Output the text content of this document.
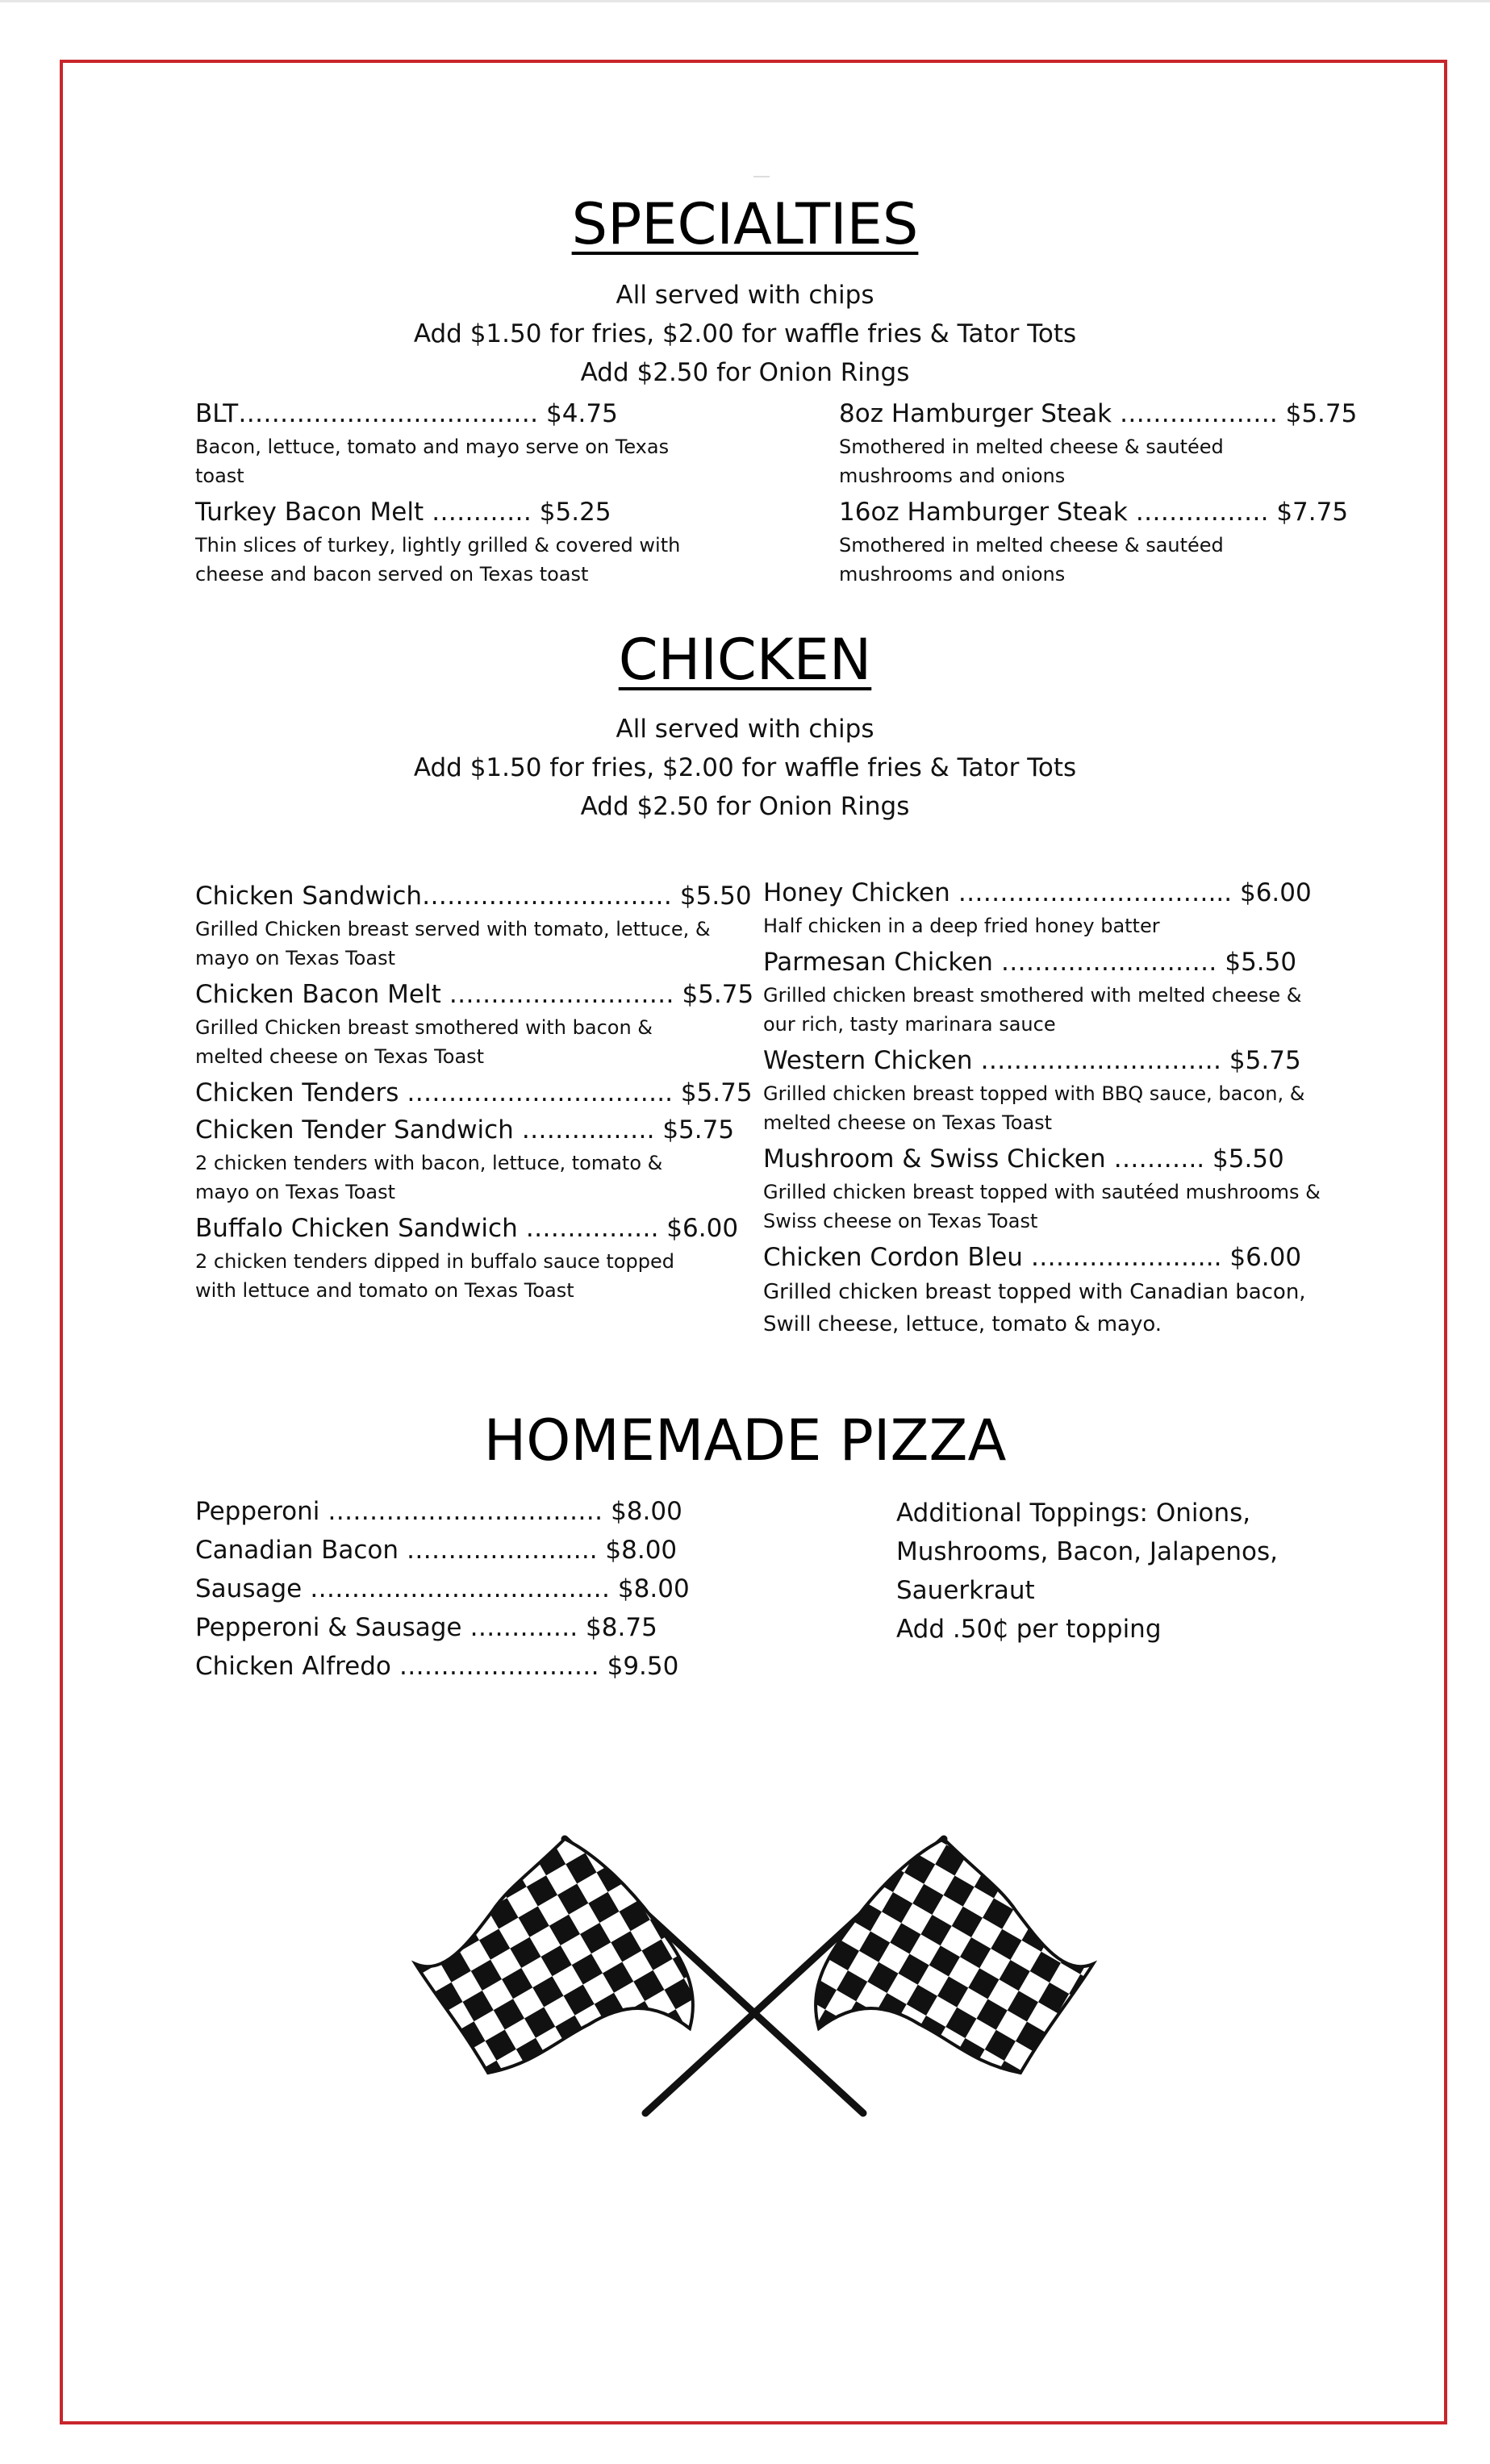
SPECIALTIES
All served with chips
Add $1.50 for fries, $2.00 for waffle fries & Tator Tots
Add $2.50 for Onion Rings
BLT……………………………… $4.75
Bacon, lettuce, tomato and mayo serve on Texas toast
Turkey Bacon Melt ………… $5.25
Thin slices of turkey, lightly grilled & covered with cheese and bacon served on Texas toast
8oz Hamburger Steak ………………. $5.75
Smothered in melted cheese & sautéed mushrooms and onions
16oz Hamburger Steak ……………. $7.75
Smothered in melted cheese & sautéed mushrooms and onions
CHICKEN
All served with chips
Add $1.50 for fries, $2.00 for waffle fries & Tator Tots
Add $2.50 for Onion Rings
Chicken Sandwich………………………… $5.50
Grilled Chicken breast served with tomato, lettuce, & mayo on Texas Toast
Chicken Bacon Melt ……………………… $5.75
Grilled Chicken breast smothered with bacon & melted cheese on Texas Toast
Chicken Tenders ………………………….. $5.75
Chicken Tender Sandwich ……………. $5.75
2 chicken tenders with bacon, lettuce, tomato & mayo on Texas Toast
Buffalo Chicken Sandwich ……………. $6.00
2 chicken tenders dipped in buffalo sauce topped with lettuce and tomato on Texas Toast
Honey Chicken …………………………... $6.00
Half chicken in a deep fried honey batter
Parmesan Chicken ……………..……… $5.50
Grilled chicken breast smothered with melted cheese & our rich, tasty marinara sauce
Western Chicken …………..…………… $5.75
Grilled chicken breast topped with BBQ sauce, bacon, & melted cheese on Texas Toast
Mushroom & Swiss Chicken ……….. $5.50
Grilled chicken breast topped with sautéed mushrooms & Swiss cheese on Texas Toast
Chicken Cordon Bleu ………………….. $6.00
Grilled chicken breast topped with Canadian bacon, Swill cheese, lettuce, tomato & mayo.
HOMEMADE PIZZA
Pepperoni …………………………… $8.00
Canadian Bacon ………………….. $8.00
Sausage ……………………………… $8.00
Pepperoni & Sausage …………. $8.75
Chicken Alfredo …………………… $9.50
Additional Toppings: Onions,
Mushrooms, Bacon, Jalapenos,
Sauerkraut
Add .50₵ per topping
